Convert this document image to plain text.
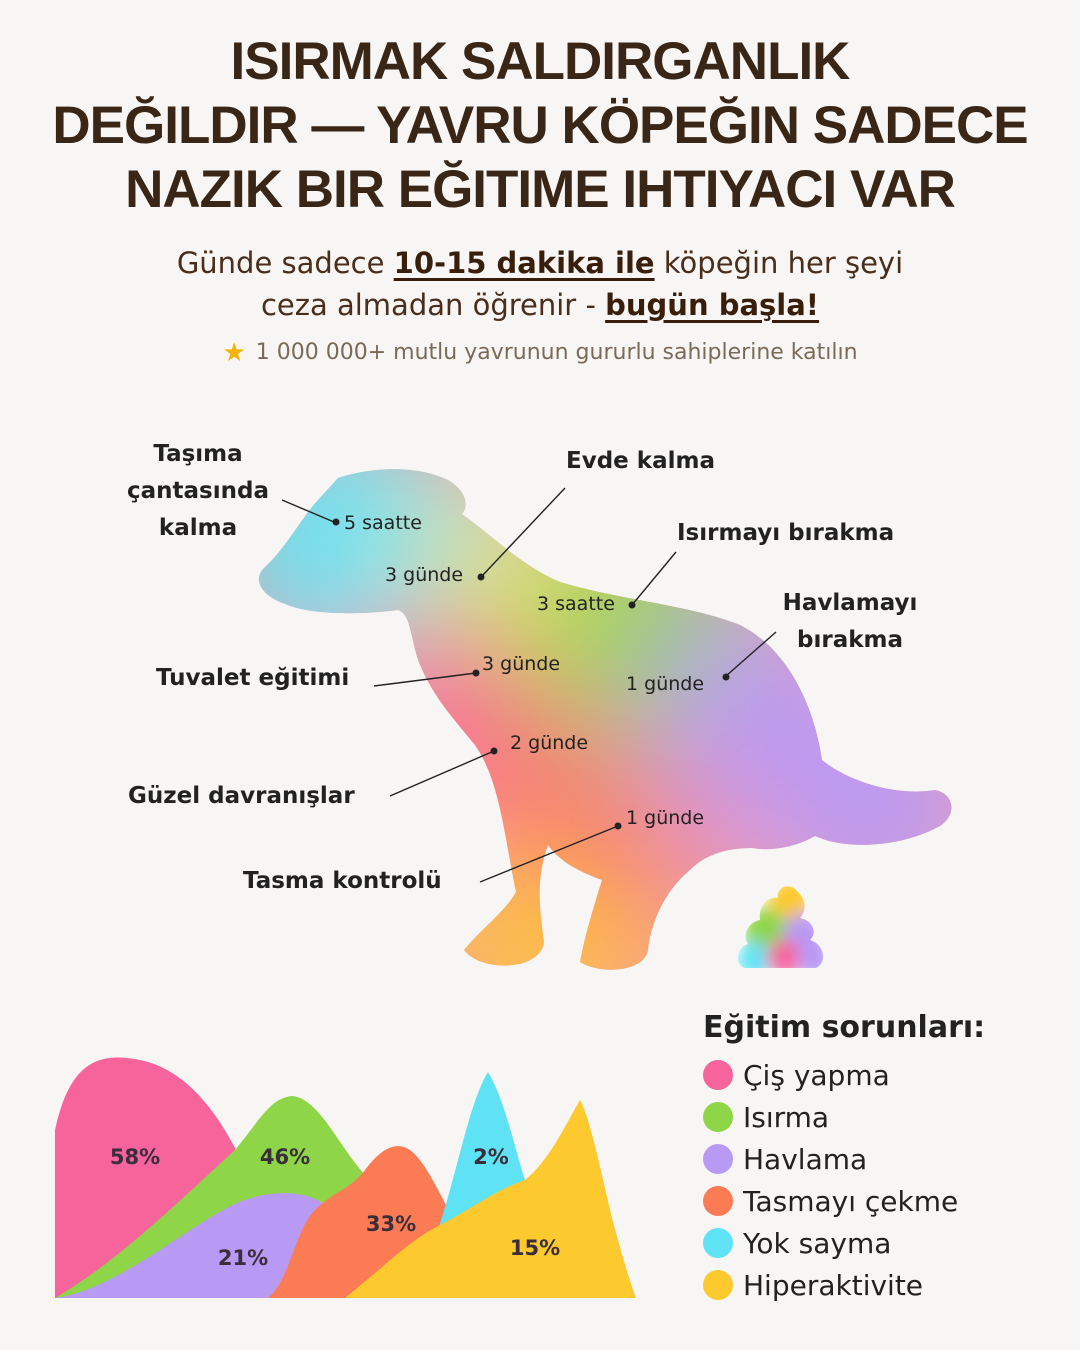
ISIRMAK SALDIRGANLIK
DEĞILDIR — YAVRU KÖPEĞIN SADECE
NAZIK BIR EĞITIME IHTIYACI VAR
Günde sadece 10-15 dakika ile köpeğin her şeyi
ceza almadan öğrenir - bugün başla!
★ 1 000 000+ mutlu yavrunun gururlu sahiplerine katılın
Taşıma
çantasında
kalma	5 saatte
Evde kalma
3 günde
Isırmayı bırakma
3 saatte	Havlamayı
bırakma
1 günde
Tuvalet eğitimi
3 günde
Güzel davranışlar
2 günde
Tasma kontrolü
1 günde
58%	46%
21%
33%
2%
15%
Eğitim sorunları:
Çiş yapma
Isırma
Havlama
Tasmayı çekme
Yok sayma
Hiperaktivite
